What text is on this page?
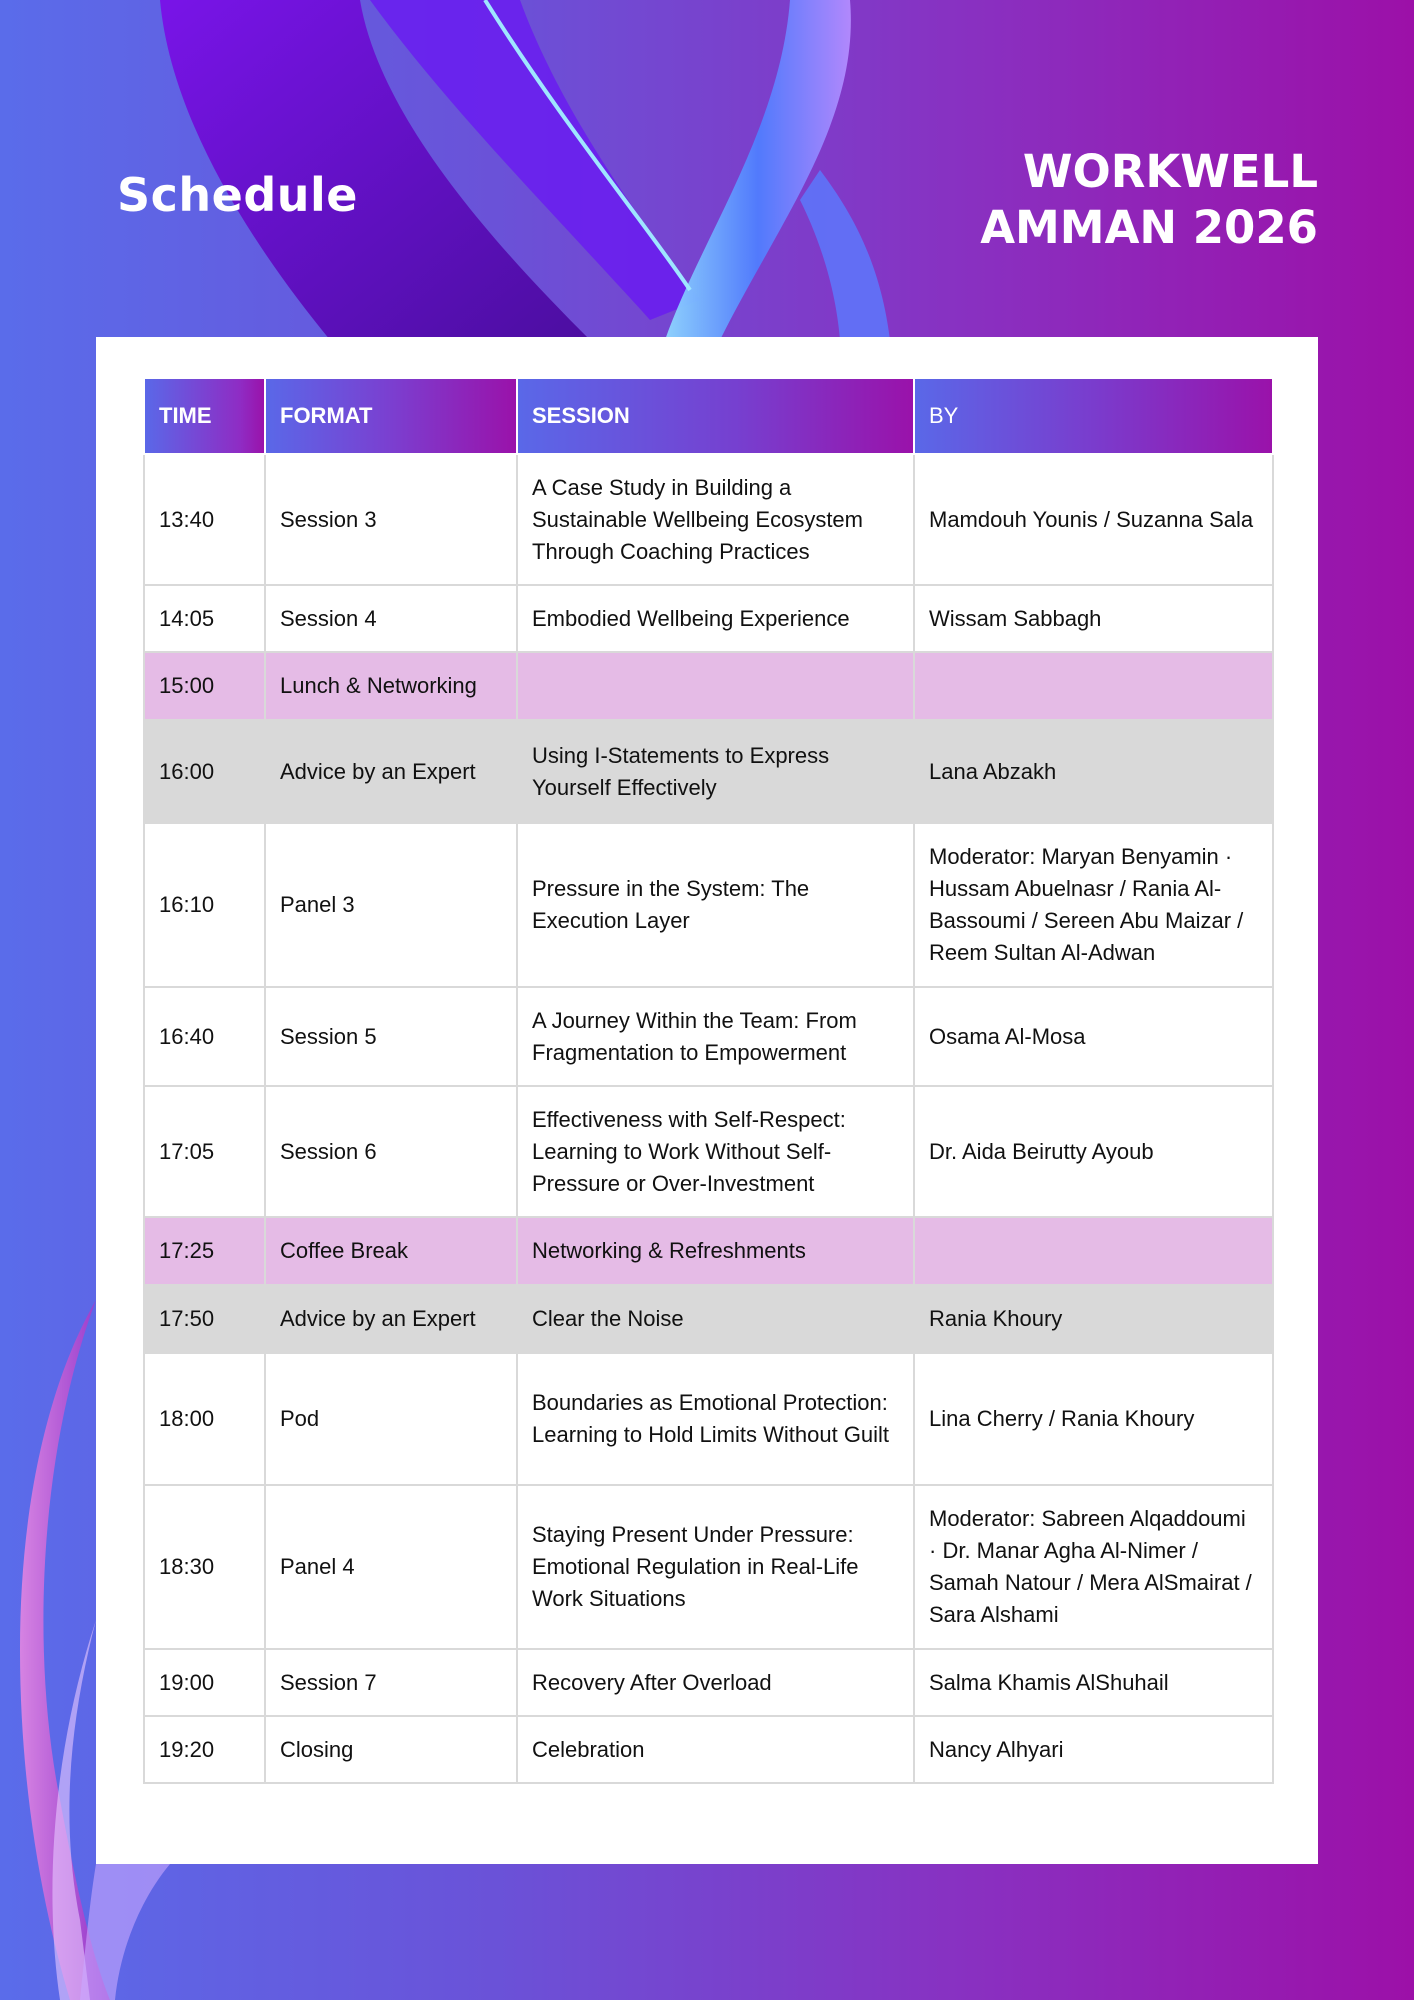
Schedule	WORKWELL
AMMAN 2026
TIME	FORMAT	SESSION	BY
13:40	Session 3	A Case Study in Building a Sustainable Wellbeing Ecosystem Through Coaching Practices	Mamdouh Younis / Suzanna Sala
14:05	Session 4	Embodied Wellbeing Experience	Wissam Sabbagh
15:00	Lunch & Networking		
16:00	Advice by an Expert	Using I-Statements to Express Yourself Effectively	Lana Abzakh
16:10	Panel 3	Pressure in the System: The Execution Layer	Moderator: Maryan Benyamin · Hussam Abuelnasr / Rania Al-Bassoumi / Sereen Abu Maizar / Reem Sultan Al-Adwan
16:40	Session 5	A Journey Within the Team: From Fragmentation to Empowerment	Osama Al-Mosa
17:05	Session 6	Effectiveness with Self-Respect: Learning to Work Without Self-Pressure or Over-Investment	Dr. Aida Beirutty Ayoub
17:25	Coffee Break	Networking & Refreshments	
17:50	Advice by an Expert	Clear the Noise	Rania Khoury
18:00	Pod	Boundaries as Emotional Protection: Learning to Hold Limits Without Guilt	Lina Cherry / Rania Khoury
18:30	Panel 4	Staying Present Under Pressure: Emotional Regulation in Real-Life Work Situations	Moderator: Sabreen Alqaddoumi · Dr. Manar Agha Al-Nimer / Samah Natour / Mera AlSmairat / Sara Alshami
19:00	Session 7	Recovery After Overload	Salma Khamis AlShuhail
19:20	Closing	Celebration	Nancy Alhyari
